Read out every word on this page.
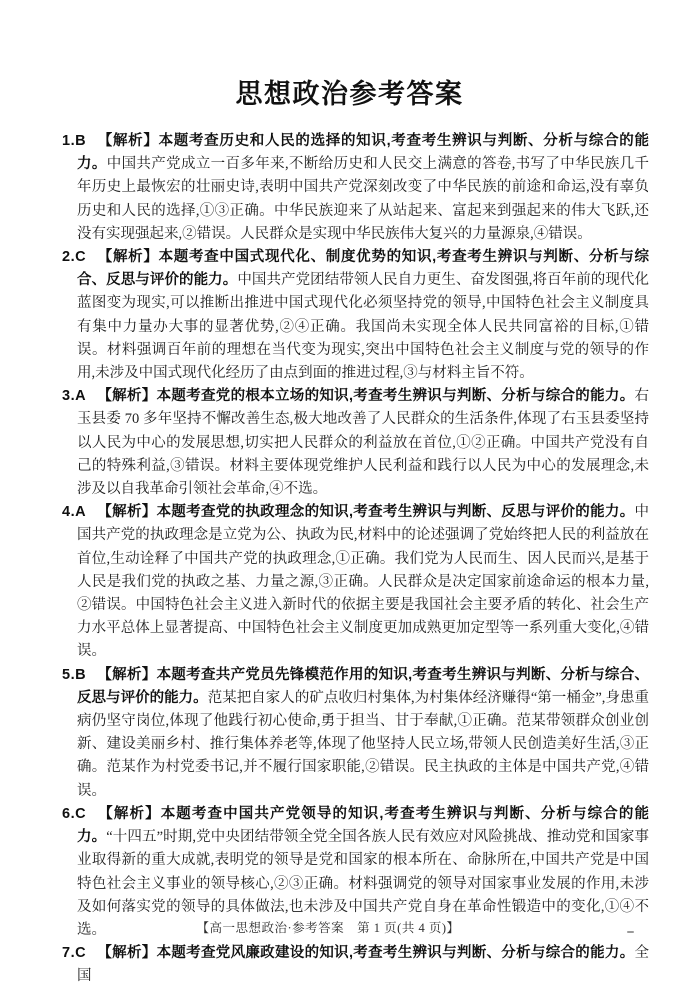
思想政治参考答案

1.B 【解析】本题考查历史和人民的选择的知识,考查考生辨识与判断、分析与综合的能力。中国共产党成立一百多年来,不断给历史和人民交上满意的答卷,书写了中华民族几千年历史上最恢宏的壮丽史诗,表明中国共产党深刻改变了中华民族的前途和命运,没有辜负历史和人民的选择,①③正确。中华民族迎来了从站起来、富起来到强起来的伟大飞跃,还没有实现强起来,②错误。人民群众是实现中华民族伟大复兴的力量源泉,④错误。

2.C 【解析】本题考查中国式现代化、制度优势的知识,考查考生辨识与判断、分析与综合、反思与评价的能力。中国共产党团结带领人民自力更生、奋发图强,将百年前的现代化蓝图变为现实,可以推断出推进中国式现代化必须坚持党的领导,中国特色社会主义制度具有集中力量办大事的显著优势,②④正确。我国尚未实现全体人民共同富裕的目标,①错误。材料强调百年前的理想在当代变为现实,突出中国特色社会主义制度与党的领导的作用,未涉及中国式现代化经历了由点到面的推进过程,③与材料主旨不符。

3.A 【解析】本题考查党的根本立场的知识,考查考生辨识与判断、分析与综合的能力。右玉县委 70 多年坚持不懈改善生态,极大地改善了人民群众的生活条件,体现了右玉县委坚持以人民为中心的发展思想,切实把人民群众的利益放在首位,①②正确。中国共产党没有自己的特殊利益,③错误。材料主要体现党维护人民利益和践行以人民为中心的发展理念,未涉及以自我革命引领社会革命,④不选。

4.A 【解析】本题考查党的执政理念的知识,考查考生辨识与判断、反思与评价的能力。中国共产党的执政理念是立党为公、执政为民,材料中的论述强调了党始终把人民的利益放在首位,生动诠释了中国共产党的执政理念,①正确。我们党为人民而生、因人民而兴,是基于人民是我们党的执政之基、力量之源,③正确。人民群众是决定国家前途命运的根本力量,②错误。中国特色社会主义进入新时代的依据主要是我国社会主要矛盾的转化、社会生产力水平总体上显著提高、中国特色社会主义制度更加成熟更加定型等一系列重大变化,④错误。

5.B 【解析】本题考查共产党员先锋模范作用的知识,考查考生辨识与判断、分析与综合、反思与评价的能力。范某把自家人的矿点收归村集体,为村集体经济赚得“第一桶金”,身患重病仍坚守岗位,体现了他践行初心使命,勇于担当、甘于奉献,①正确。范某带领群众创业创新、建设美丽乡村、推行集体养老等,体现了他坚持人民立场,带领人民创造美好生活,③正确。范某作为村党委书记,并不履行国家职能,②错误。民主执政的主体是中国共产党,④错误。

6.C 【解析】本题考查中国共产党领导的知识,考查考生辨识与判断、分析与综合的能力。“十四五”时期,党中央团结带领全党全国各族人民有效应对风险挑战、推动党和国家事业取得新的重大成就,表明党的领导是党和国家的根本所在、命脉所在,中国共产党是中国特色社会主义事业的领导核心,②③正确。材料强调党的领导对国家事业发展的作用,未涉及如何落实党的领导的具体做法,也未涉及中国共产党自身在革命性锻造中的变化,①④不选。

7.C 【解析】本题考查党风廉政建设的知识,考查考生辨识与判断、分析与综合的能力。全国

【高一思想政治·参考答案　第 1 页(共 4 页)】
